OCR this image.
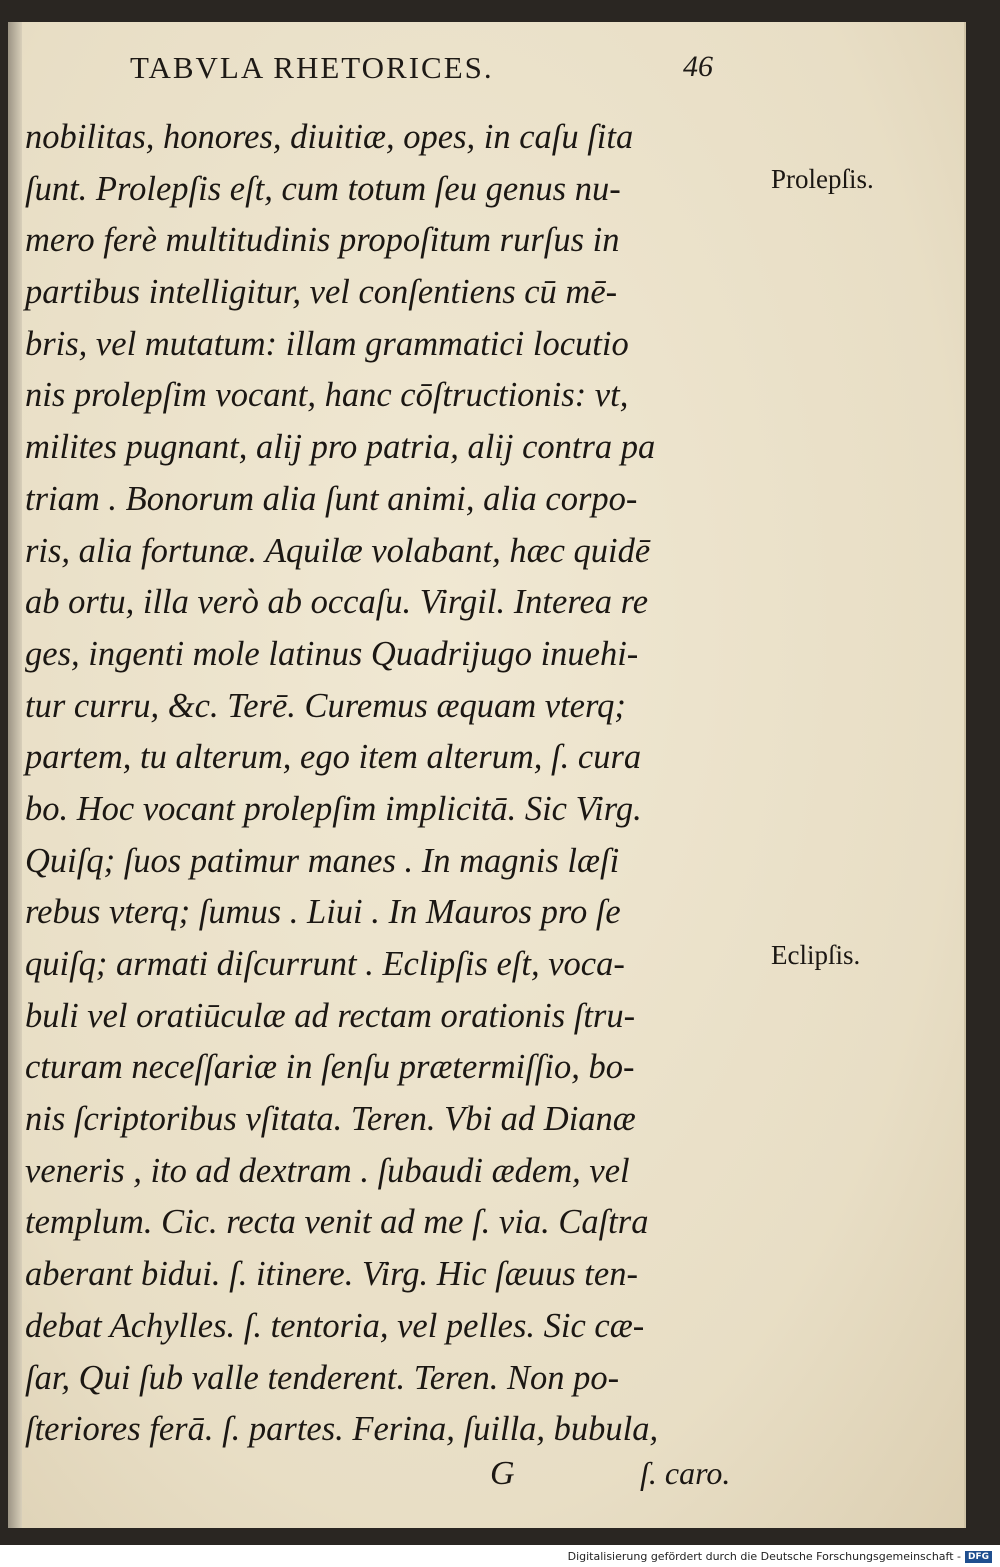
TABVLA RHETORICES.	46
nobilitas, honores, diuitiæ, opes, in caſu ſita
ſunt. Prolepſis eſt, cum totum ſeu genus nu-
mero ferè multitudinis propoſitum rurſus in
partibus intelligitur, vel conſentiens cū mē-
bris, vel mutatum: illam grammatici locutio
nis prolepſim vocant, hanc cōſtructionis: vt,
milites pugnant, alij pro patria, alij contra pa
triam . Bonorum alia ſunt animi, alia corpo-
ris, alia fortunæ. Aquilæ volabant, hæc quidē
ab ortu, illa verò ab occaſu. Virgil. Interea re
ges, ingenti mole latinus Quadrijugo inuehi-
tur curru, &c. Terē. Curemus æquam vterq;
partem, tu alterum, ego item alterum, ſ. cura
bo. Hoc vocant prolepſim implicitā. Sic Virg.
Quiſq; ſuos patimur manes . In magnis læſi
rebus vterq; ſumus . Liui . In Mauros pro ſe
quiſq; armati diſcurrunt . Eclipſis eſt, voca-
buli vel oratiūculæ ad rectam orationis ſtru-
cturam neceſſariæ in ſenſu prætermiſſio, bo-
nis ſcriptoribus vſitata. Teren. Vbi ad Dianæ
veneris , ito ad dextram . ſubaudi ædem, vel
templum. Cic. recta venit ad me ſ. via. Caſtra
aberant bidui. ſ. itinere. Virg. Hic ſæuus ten-
debat Achylles. ſ. tentoria, vel pelles. Sic cæ-
ſar, Qui ſub valle tenderent. Teren. Non po-
ſteriores ferā. ſ. partes. Ferina, ſuilla, bubula,
Prolepſis.
Eclipſis.
G	ſ. caro.
Digitalisierung gefördert durch die Deutsche Forschungsgemeinschaft - DFG
